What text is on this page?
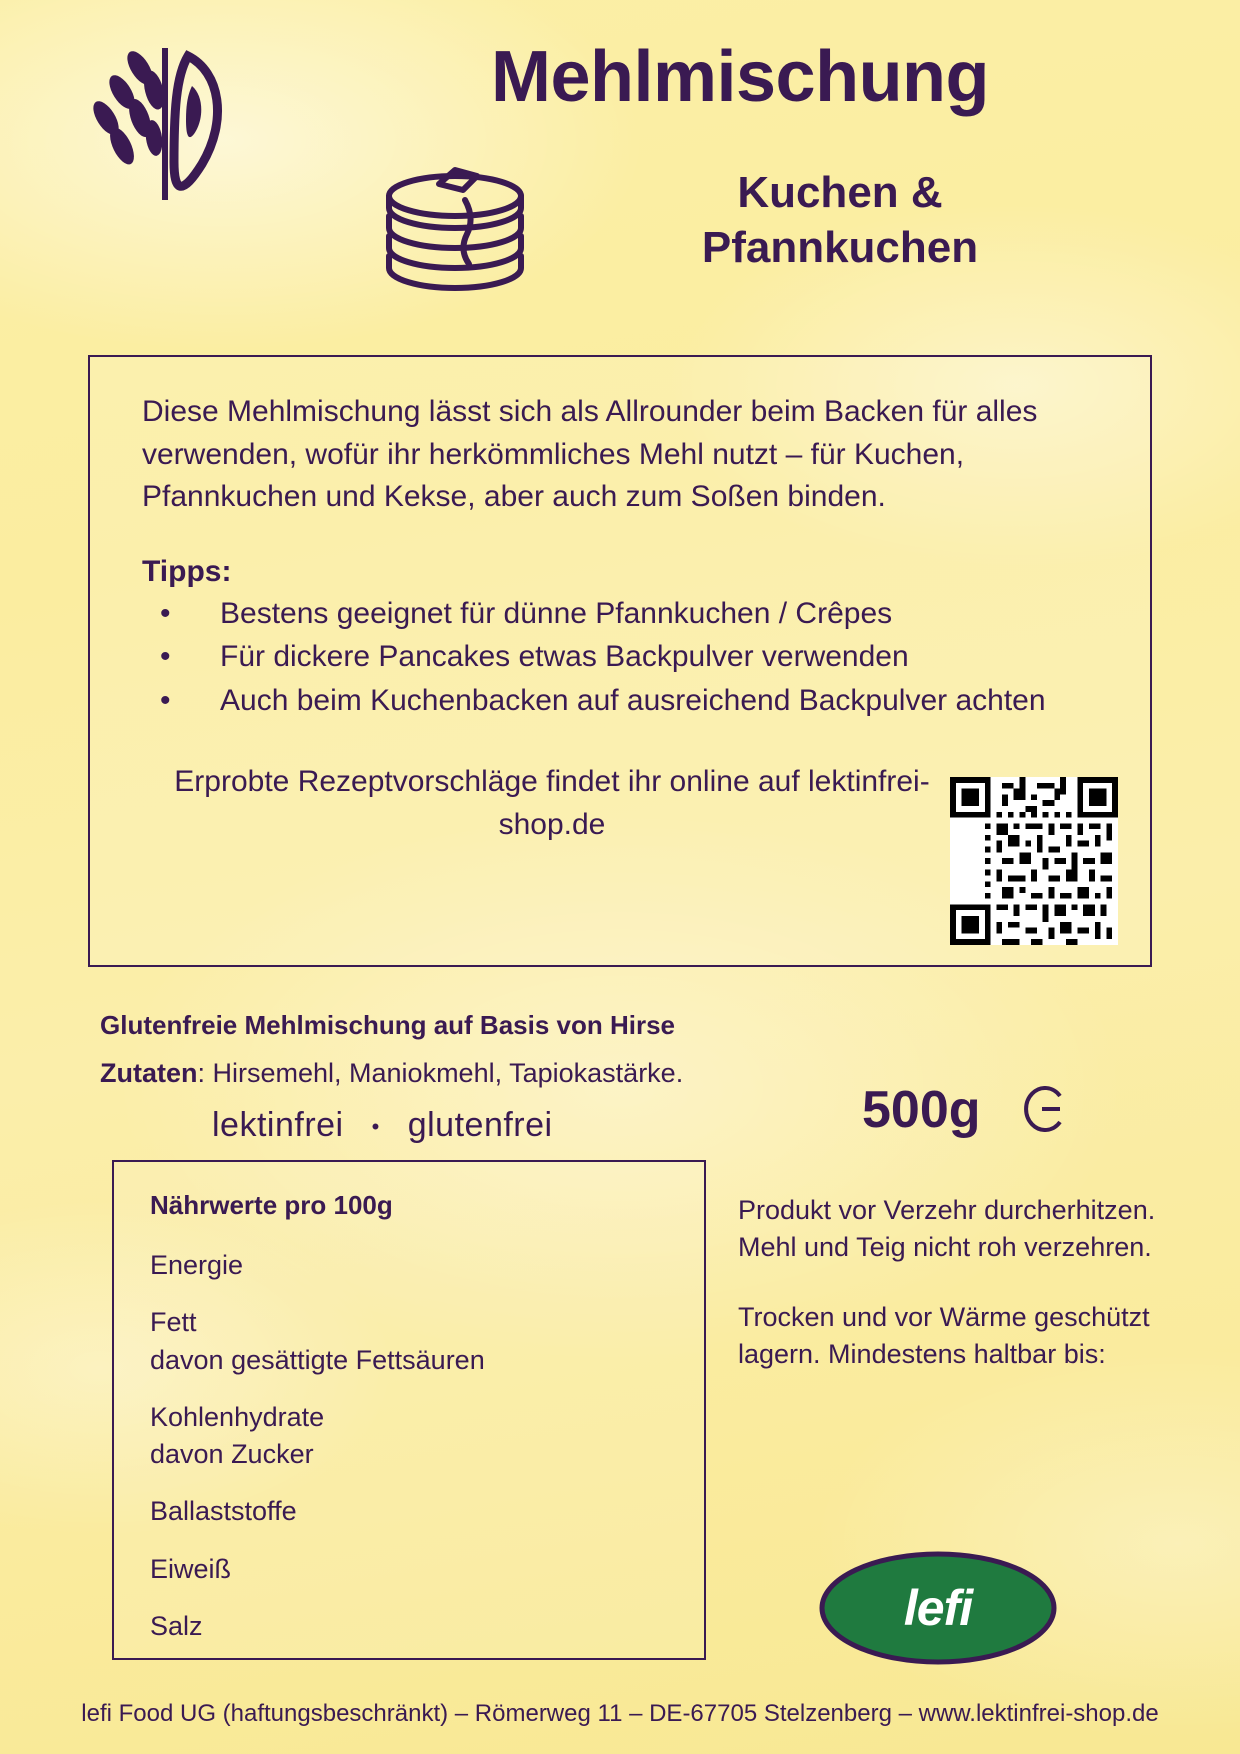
Mehlmischung
Kuchen &
Pfannkuchen

Diese Mehlmischung lässt sich als Allrounder beim Backen für alles verwenden, wofür ihr herkömmliches Mehl nutzt – für Kuchen, Pfannkuchen und Kekse, aber auch zum Soßen binden.

Tipps:
• Bestens geeignet für dünne Pfannkuchen / Crêpes
• Für dickere Pancakes etwas Backpulver verwenden
• Auch beim Kuchenbacken auf ausreichend Backpulver achten
Erprobte Rezeptvorschläge findet ihr online auf lektinfrei-shop.de
Glutenfreie Mehlmischung auf Basis von Hirse
Zutaten: Hirsemehl, Maniokmehl, Tapiokastärke.
lektinfrei • glutenfrei	500g
Nährwerte pro 100g
Energie
Fett
davon gesättigte Fettsäuren
Kohlenhydrate
davon Zucker
Ballaststoffe
Eiweiß
Salz

Produkt vor Verzehr durcherhitzen. Mehl und Teig nicht roh verzehren.

Trocken und vor Wärme geschützt lagern. Mindestens haltbar bis:

lefi
lefi Food UG (haftungsbeschränkt) – Römerweg 11 – DE-67705 Stelzenberg – www.lektinfrei-shop.de
